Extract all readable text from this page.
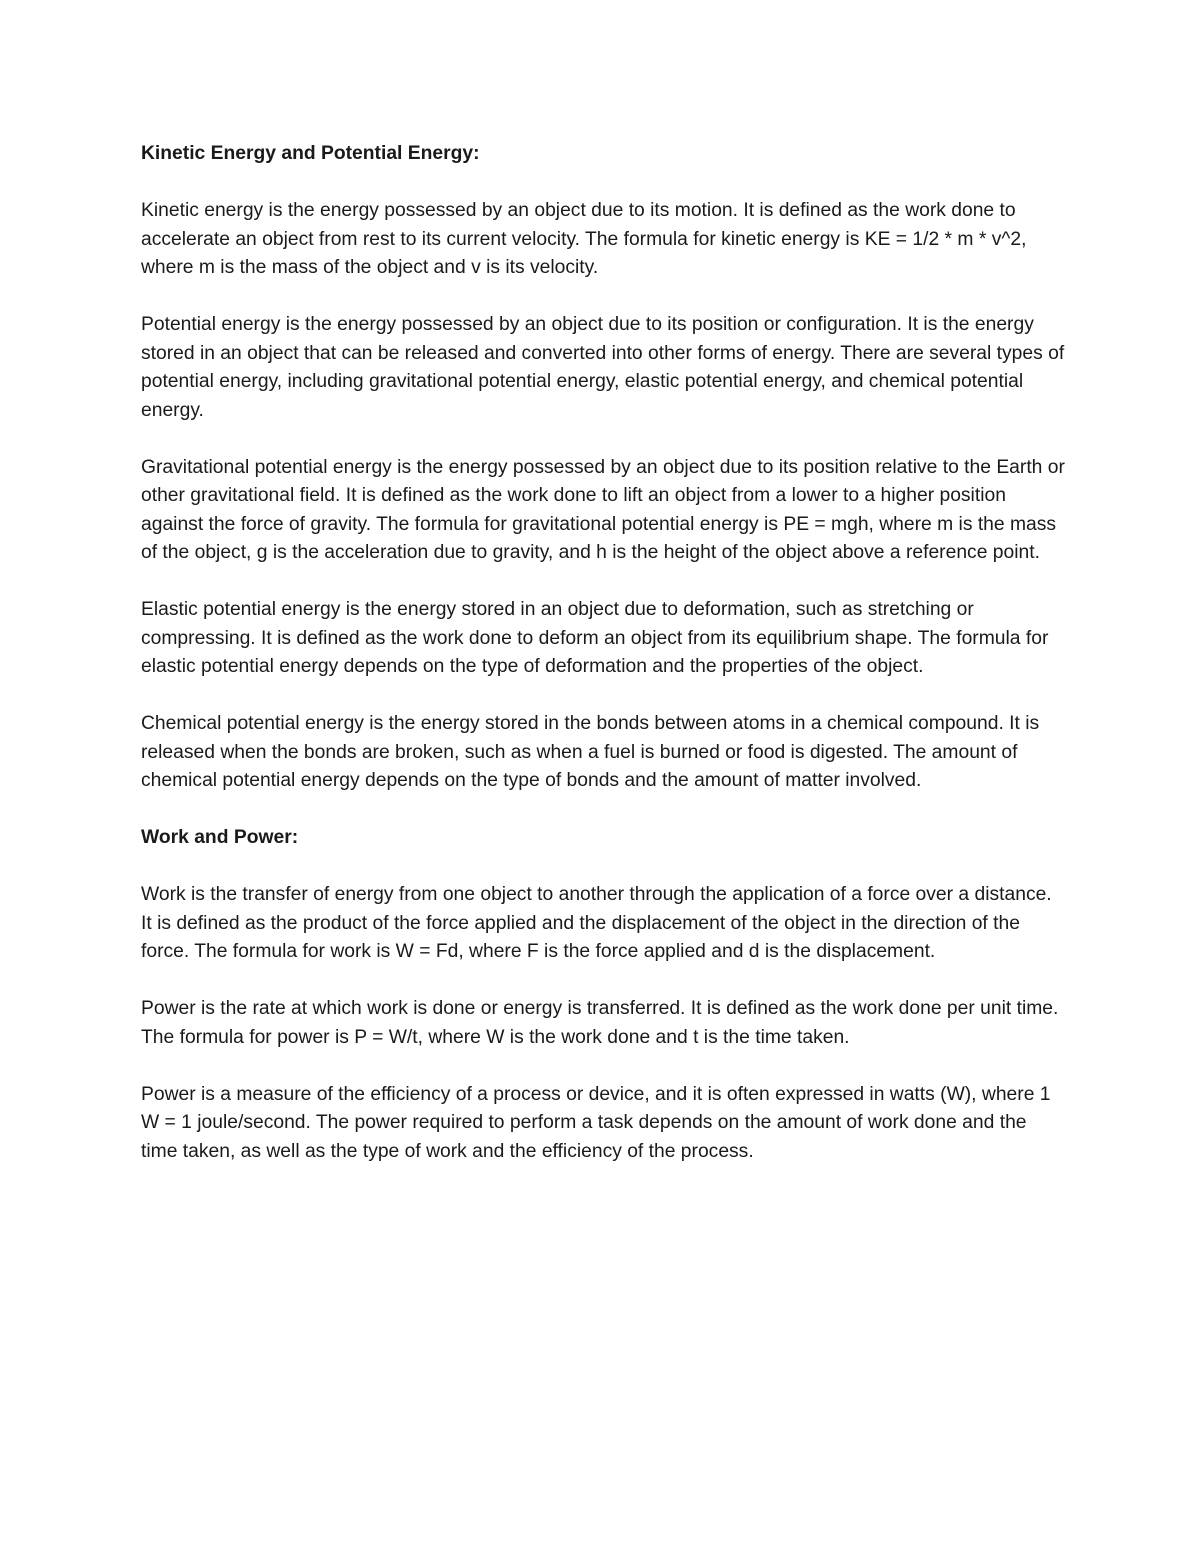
Kinetic Energy and Potential Energy:

Kinetic energy is the energy possessed by an object due to its motion. It is defined as the work done to accelerate an object from rest to its current velocity. The formula for kinetic energy is KE = 1/2 * m * v^2, where m is the mass of the object and v is its velocity.

Potential energy is the energy possessed by an object due to its position or configuration. It is the energy stored in an object that can be released and converted into other forms of energy. There are several types of potential energy, including gravitational potential energy, elastic potential energy, and chemical potential energy.

Gravitational potential energy is the energy possessed by an object due to its position relative to the Earth or other gravitational field. It is defined as the work done to lift an object from a lower to a higher position against the force of gravity. The formula for gravitational potential energy is PE = mgh, where m is the mass of the object, g is the acceleration due to gravity, and h is the height of the object above a reference point.

Elastic potential energy is the energy stored in an object due to deformation, such as stretching or compressing. It is defined as the work done to deform an object from its equilibrium shape. The formula for elastic potential energy depends on the type of deformation and the properties of the object.

Chemical potential energy is the energy stored in the bonds between atoms in a chemical compound. It is released when the bonds are broken, such as when a fuel is burned or food is digested. The amount of chemical potential energy depends on the type of bonds and the amount of matter involved.

Work and Power:

Work is the transfer of energy from one object to another through the application of a force over a distance. It is defined as the product of the force applied and the displacement of the object in the direction of the force. The formula for work is W = Fd, where F is the force applied and d is the displacement.

Power is the rate at which work is done or energy is transferred. It is defined as the work done per unit time. The formula for power is P = W/t, where W is the work done and t is the time taken.

Power is a measure of the efficiency of a process or device, and it is often expressed in watts (W), where 1 W = 1 joule/second. The power required to perform a task depends on the amount of work done and the time taken, as well as the type of work and the efficiency of the process.
